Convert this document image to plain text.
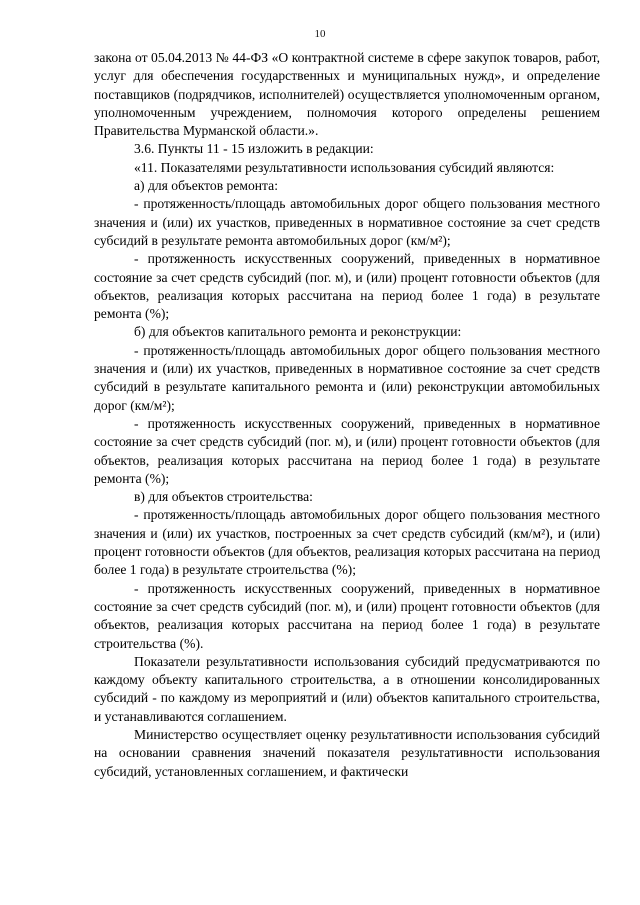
10

закона от 05.04.2013 № 44-ФЗ «О контрактной системе в сфере закупок товаров, работ, услуг для обеспечения государственных и муниципальных нужд», и определение поставщиков (подрядчиков, исполнителей) осуществляется уполномоченным органом, уполномоченным учреждением, полномочия которого определены решением Правительства Мурманской области.».

3.6. Пункты 11 - 15 изложить в редакции:

«11. Показателями результативности использования субсидий являются:

а) для объектов ремонта:

- протяженность/площадь автомобильных дорог общего пользования местного значения и (или) их участков, приведенных в нормативное состояние за счет средств субсидий в результате ремонта автомобильных дорог (км/м²);

- протяженность искусственных сооружений, приведенных в нормативное состояние за счет средств субсидий (пог. м), и (или) процент готовности объектов (для объектов, реализация которых рассчитана на период более 1 года) в результате ремонта (%);

б) для объектов капитального ремонта и реконструкции:

- протяженность/площадь автомобильных дорог общего пользования местного значения и (или) их участков, приведенных в нормативное состояние за счет средств субсидий в результате капитального ремонта и (или) реконструкции автомобильных дорог (км/м²);

- протяженность искусственных сооружений, приведенных в нормативное состояние за счет средств субсидий (пог. м), и (или) процент готовности объектов (для объектов, реализация которых рассчитана на период более 1 года) в результате ремонта (%);

в) для объектов строительства:

- протяженность/площадь автомобильных дорог общего пользования местного значения и (или) их участков, построенных за счет средств субсидий (км/м²), и (или) процент готовности объектов (для объектов, реализация которых рассчитана на период более 1 года) в результате строительства (%);

- протяженность искусственных сооружений, приведенных в нормативное состояние за счет средств субсидий (пог. м), и (или) процент готовности объектов (для объектов, реализация которых рассчитана на период более 1 года) в результате строительства (%).

Показатели результативности использования субсидий предусматриваются по каждому объекту капитального строительства, а в отношении консолидированных субсидий - по каждому из мероприятий и (или) объектов капитального строительства, и устанавливаются соглашением.

Министерство осуществляет оценку результативности использования субсидий на основании сравнения значений показателя результативности использования субсидий, установленных соглашением, и фактически
